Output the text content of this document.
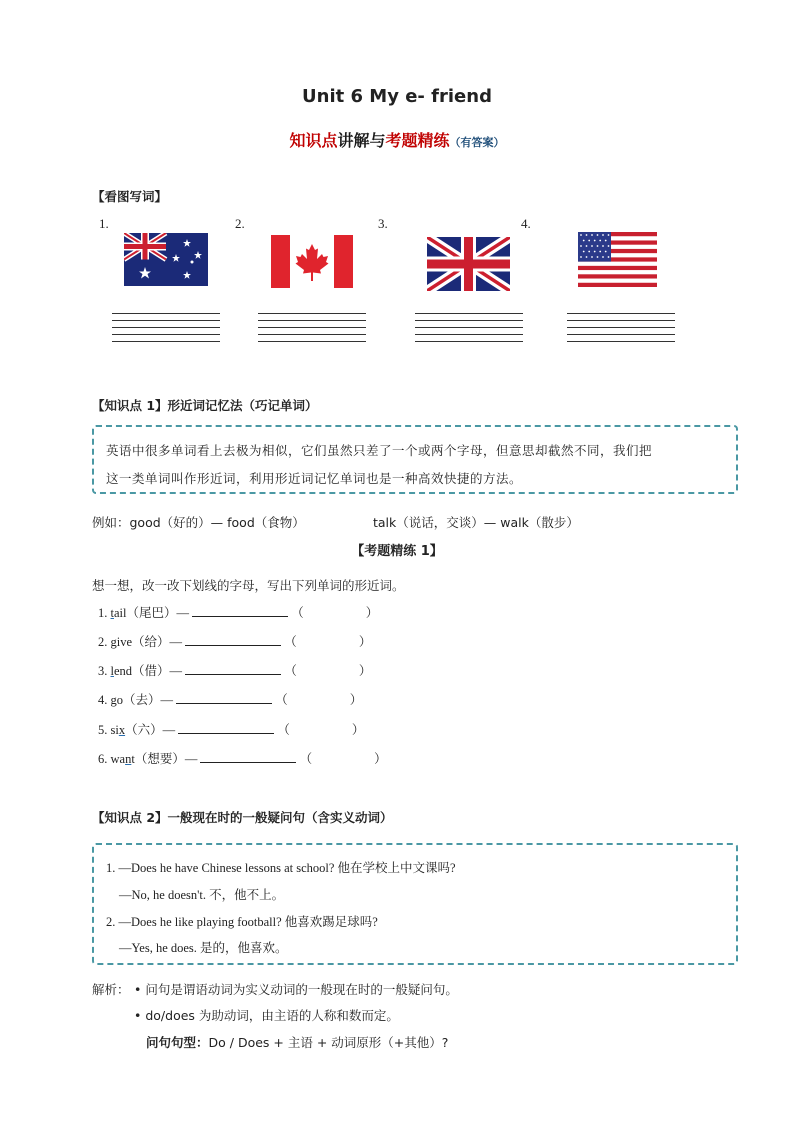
Unit 6 My e- friend
知识点讲解与考题精练（有答案）
【看图写词】
1.	2.	3.	4.
【知识点 1】形近词记忆法（巧记单词）
英语中很多单词看上去极为相似，它们虽然只差了一个或两个字母，但意思却截然不同，我们把
这一类单词叫作形近词，利用形近词记忆单词也是一种高效快捷的方法。
例如：good（好的）— food（食物）	talk（说话，交谈）— walk（散步）
【考题精练 1】
想一想，改一改下划线的字母，写出下列单词的形近词。
1. tail（尾巴）—	（	）
2. give（给）—	（	）
3. lend（借）—	（	）
4. go（去）—	（	）
5. six（六）—	（	）
6. want（想要）—	（	）
【知识点 2】一般现在时的一般疑问句（含实义动词）
1. —Does he have Chinese lessons at school? 他在学校上中文课吗?
—No, he doesn't. 不，他不上。
2. —Does he like playing football? 他喜欢踢足球吗?
—Yes, he does. 是的，他喜欢。
解析： • 问句是谓语动词为实义动词的一般现在时的一般疑问句。
• do/does 为助动词，由主语的人称和数而定。
问句句型：Do / Does + 主语 + 动词原形（+其他）?
